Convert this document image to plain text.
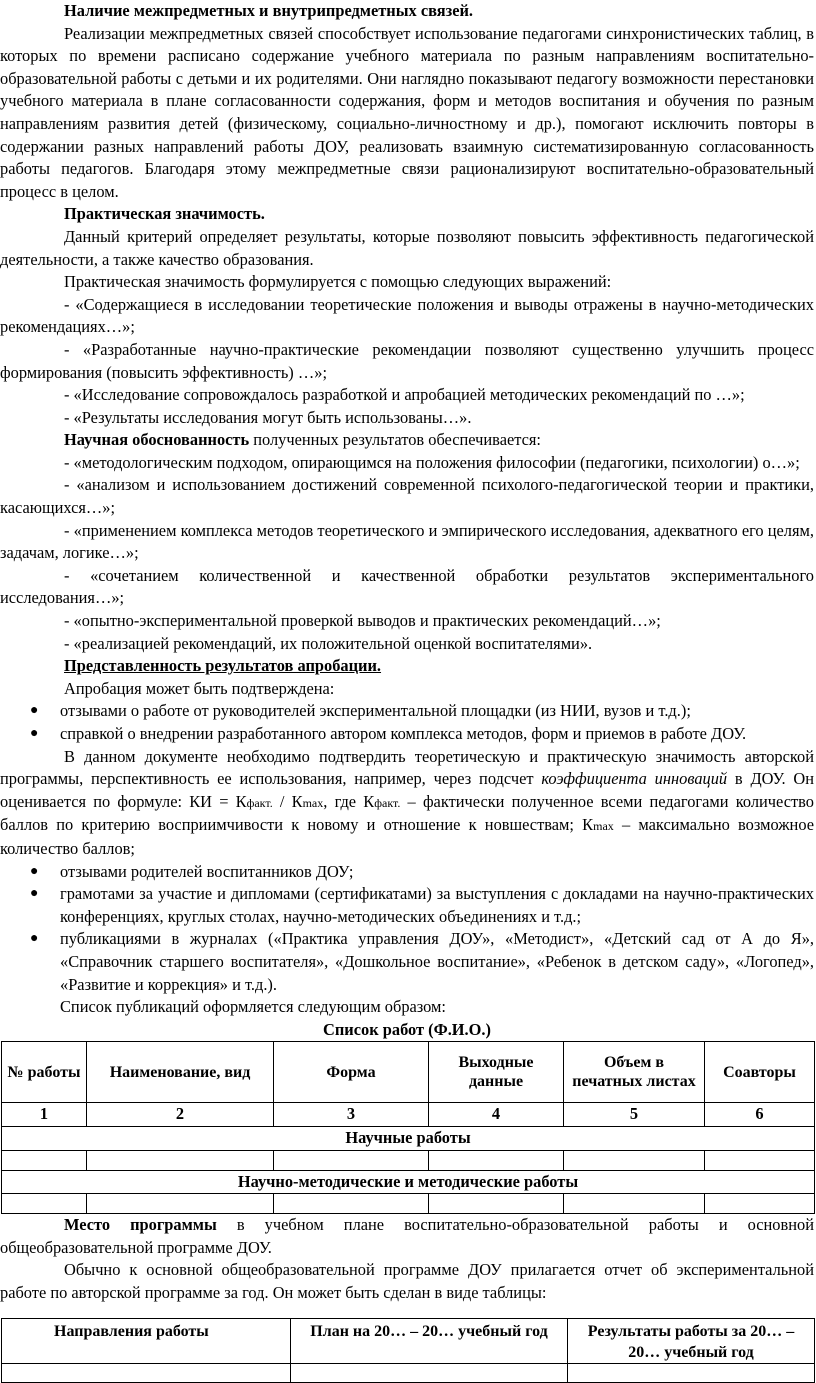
Наличие межпредметных и внутрипредметных связей.

Реализации межпредметных связей способствует использование педагогами синхронистических таблиц, в которых по времени расписано содержание учебного материала по разным направлениям воспитательно-образовательной работы с детьми и их родителями. Они наглядно показывают педагогу возможности перестановки учебного материала в плане согласованности содержания, форм и методов воспитания и обучения по разным направлениям развития детей (физическому, социально-личностному и др.), помогают исключить повторы в содержании разных направлений работы ДОУ, реализовать взаимную систематизированную согласованность работы педагогов. Благодаря этому межпредметные связи рационализируют воспитательно-образовательный процесс в целом.

Практическая значимость.

Данный критерий определяет результаты, которые позволяют повысить эффективность педагогической деятельности, а также качество образования.

Практическая значимость формулируется с помощью следующих выражений:

- «Содержащиеся в исследовании теоретические положения и выводы отражены в научно-методических рекомендациях…»;

- «Разработанные научно-практические рекомендации позволяют существенно улучшить процесс формирования (повысить эффективность) …»;

- «Исследование сопровождалось разработкой и апробацией методических рекомендаций по …»;

- «Результаты исследования могут быть использованы…».

Научная обоснованность полученных результатов обеспечивается:

- «методологическим подходом, опирающимся на положения философии (педагогики, психологии) о…»;

- «анализом и использованием достижений современной психолого-педагогической теории и практики, касающихся…»;

- «применением комплекса методов теоретического и эмпирического исследования, адекватного его целям, задачам, логике…»;

- «сочетанием количественной и качественной обработки результатов экспериментального исследования…»;

- «опытно-экспериментальной проверкой выводов и практических рекомендаций…»;

- «реализацией рекомендаций, их положительной оценкой воспитателями».

Представленность результатов апробации.

Апробация может быть подтверждена:

● отзывами о работе от руководителей экспериментальной площадки (из НИИ, вузов и т.д.);
● справкой о внедрении разработанного автором комплекса методов, форм и приемов в работе ДОУ.

В данном документе необходимо подтвердить теоретическую и практическую значимость авторской программы, перспективность ее использования, например, через подсчет коэффициента инноваций в ДОУ. Он оценивается по формуле: КИ = Кфакт. / Кmax, где Кфакт. – фактически полученное всеми педагогами количество баллов по критерию восприимчивости к новому и отношение к новшествам; Кmax – максимально возможное количество баллов;

● отзывами родителей воспитанников ДОУ;
● грамотами за участие и дипломами (сертификатами) за выступления с докладами на научно-практических конференциях, круглых столах, научно-методических объединениях и т.д.;
● публикациями в журналах («Практика управления ДОУ», «Методист», «Детский сад от А до Я», «Справочник старшего воспитателя», «Дошкольное воспитание», «Ребенок в детском саду», «Логопед», «Развитие и коррекция» и т.д.).

Список публикаций оформляется следующим образом:

Список работ (Ф.И.О.)

№ работы	Наименование, вид	Форма	Выходные данные	Объем в печатных листах	Соавторы
1	2	3	4	5	6
Научные работы					

Научно-методические и методические работы					

Место программы в учебном плане воспитательно-образовательной работы и основной общеобразовательной программе ДОУ.

Обычно к основной общеобразовательной программе ДОУ прилагается отчет об экспериментальной работе по авторской программе за год. Он может быть сделан в виде таблицы:

Направления работы	План на 20… – 20… учебный год	Результаты работы за 20… – 20… учебный год
